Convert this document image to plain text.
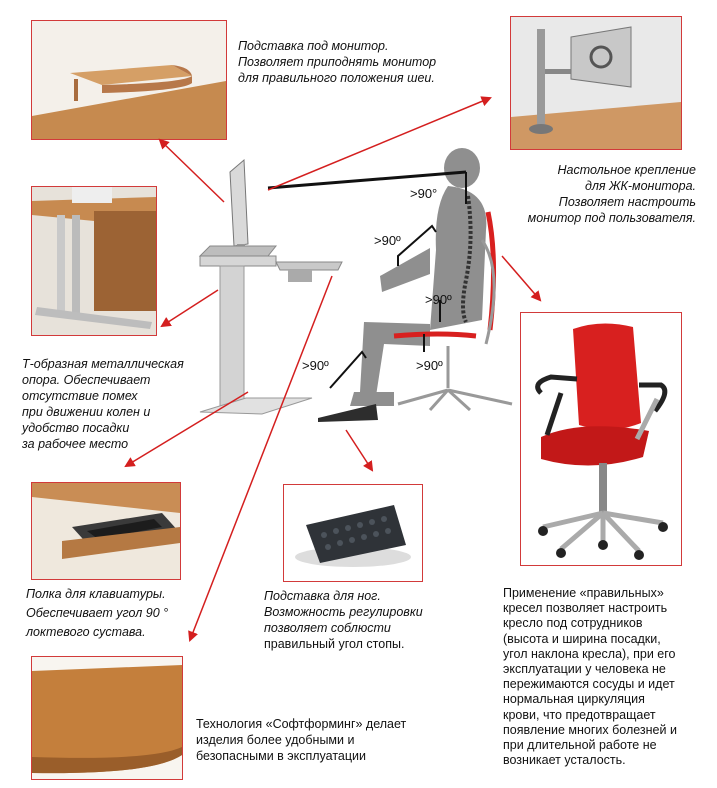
>90°
>90º
>90º
>90º	>90º

Подставка под монитор.

Позволяет приподнять монитор

для правильного положения шеи.

Настольное крепление

для ЖК-монитора.

Позволяет настроить

монитор под пользователя.

Т-образная металлическая

опора. Обеспечивает

отсутствие помех

при движении колен и

удобство посадки

за рабочее место

Полка для клавиатуры.

Обеспечивает угол 90 °

локтевого сустава.

Подставка для ног.

Возможность регулировки

позволяет соблюсти

правильный угол стопы.

Технология «Софтформинг» делает

изделия более удобными и

безопасными в эксплуатации

Применение «правильных»

кресел позволяет настроить

кресло под сотрудников

(высота и ширина посадки,

угол наклона кресла), при его

эксплуатации у человека не

пережимаются сосуды и идет

нормальная циркуляция

крови, что предотвращает

появление многих болезней и

при длительной работе не

возникает усталость.
